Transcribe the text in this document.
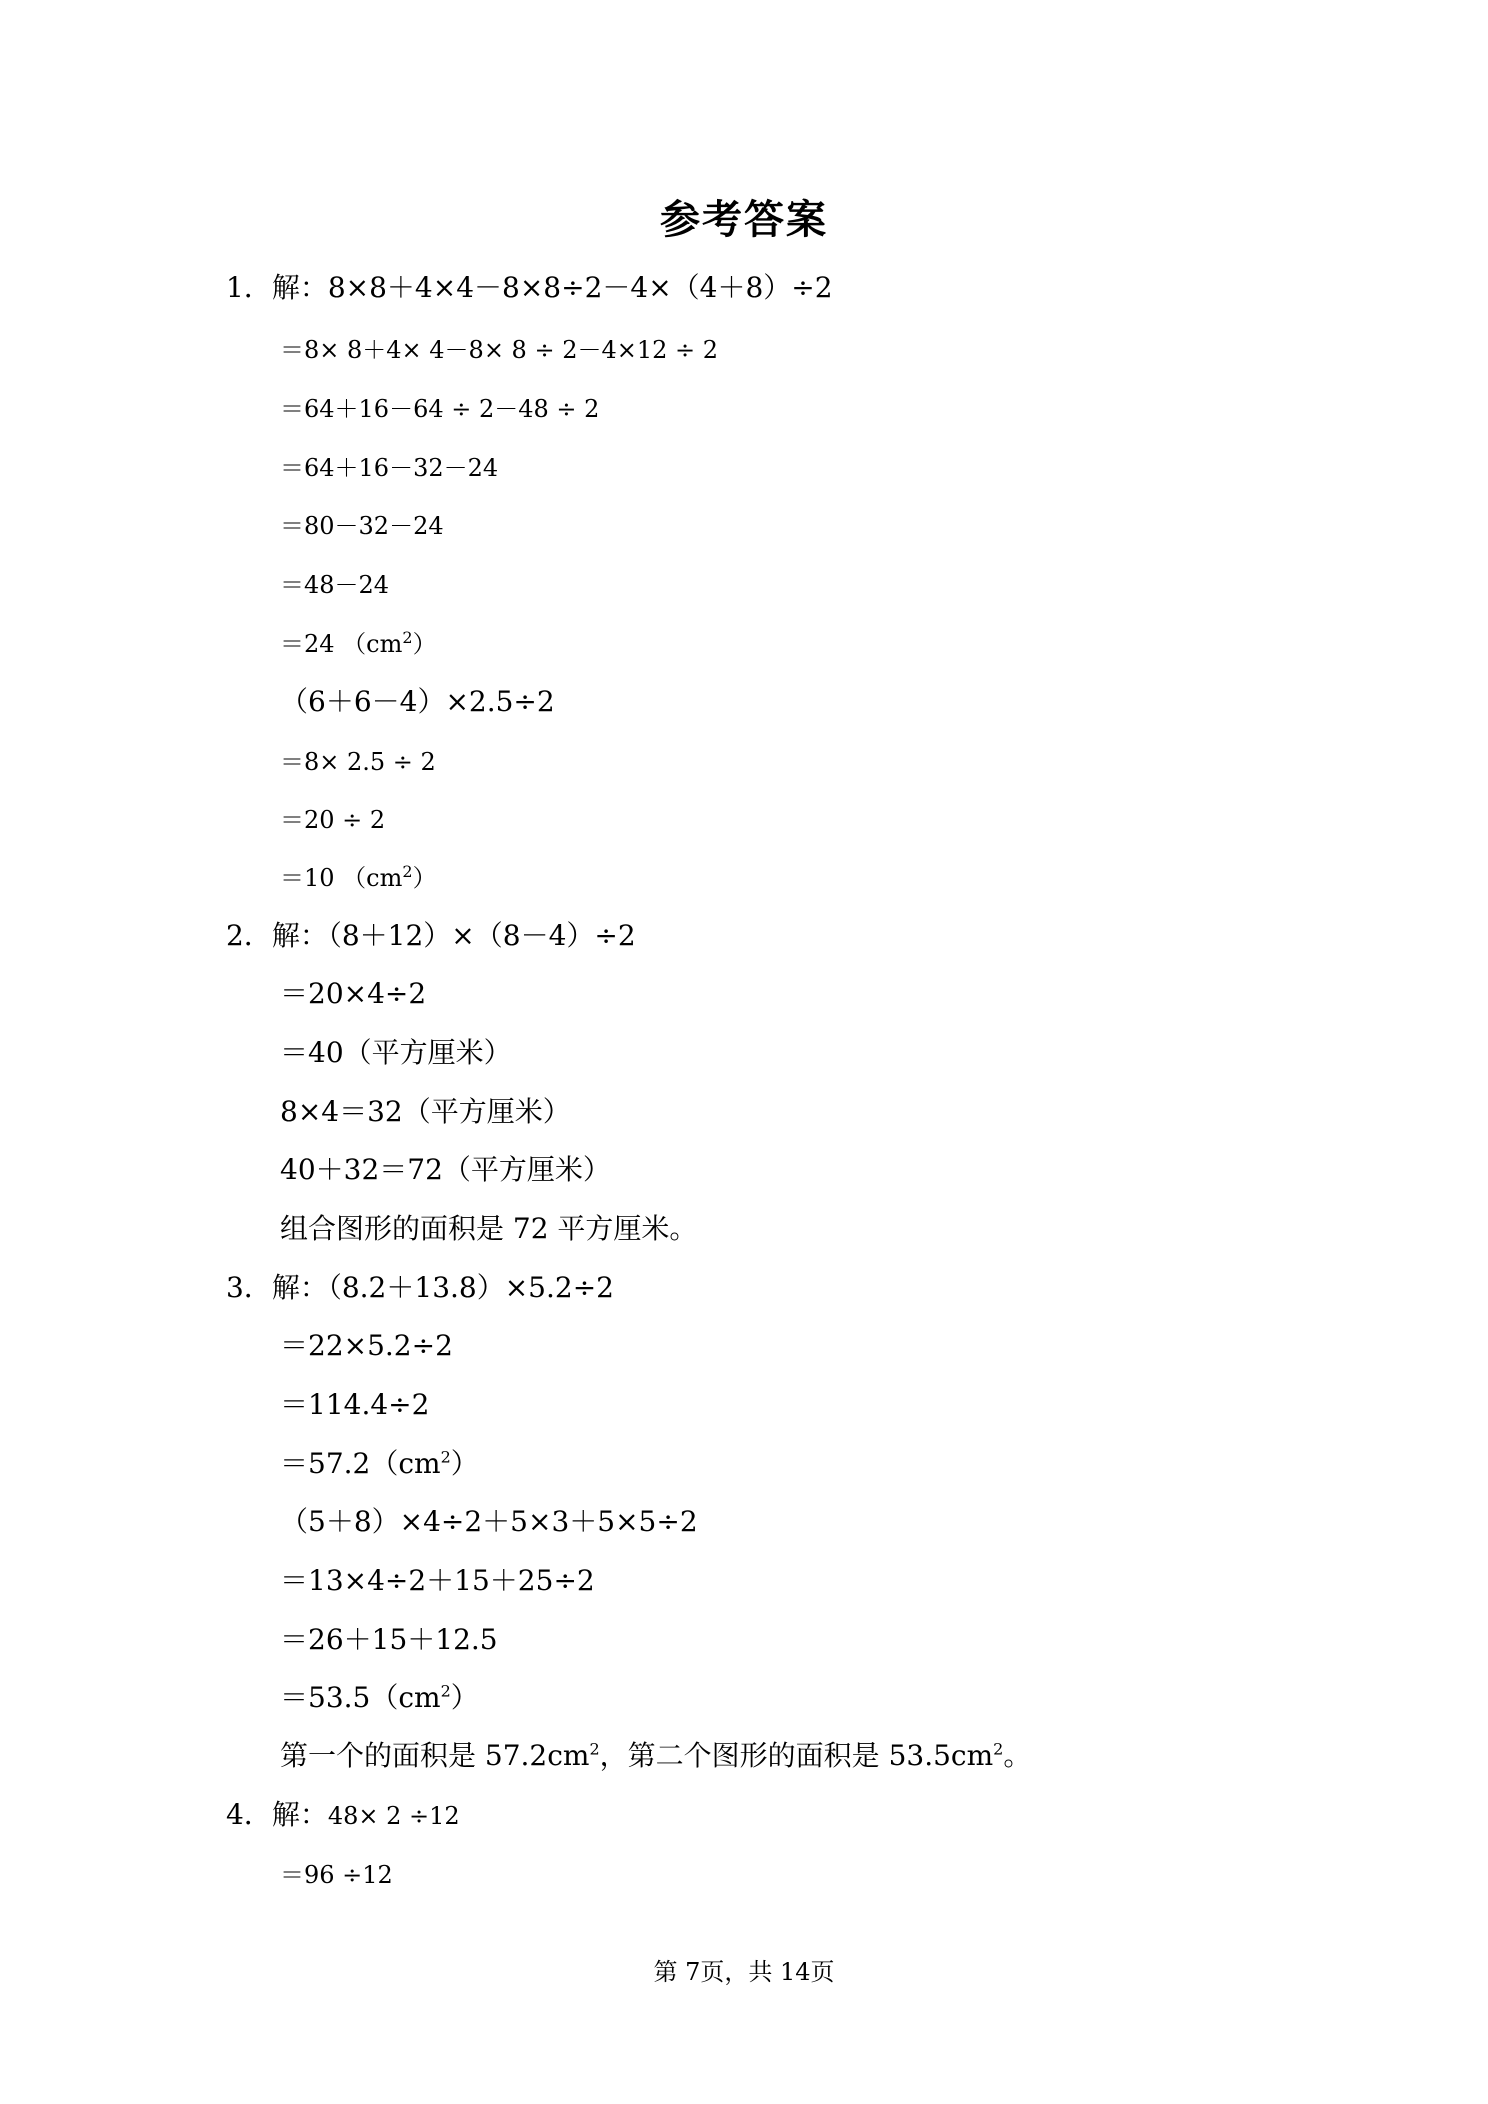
参考答案
1．解：8×8＋4×4－8×8÷2－4×（4＋8）÷2
＝8× 8＋4× 4－8× 8 ÷ 2－4×12 ÷ 2
＝64＋16－64 ÷ 2－48 ÷ 2
＝64＋16－32－24
＝80－32－24
＝48－24
＝24 $(cm^2)$
（6＋6－4）×2.5÷2
＝8× 2.5 ÷ 2
＝20 ÷ 2
＝10 $(cm^2)$
2．解：（8＋12）×（8－4）÷2
＝20×4÷2
＝40（平方厘米）
8×4＝32（平方厘米）
40＋32＝72（平方厘米）
组合图形的面积是 72 平方厘米。
3．解：（8.2＋13.8）×5.2÷2
＝22×5.2÷2
＝114.4÷2
$=57.2(cm^2)$
（5＋8）×4÷2＋5×3＋5×5÷2
＝13×4÷2＋15＋25÷2
＝26＋15＋12.5
$=53.5(cm^2)$
第一个的面积是 $57.2cm^2$，第二个图形的面积是 $53.5cm^2$。
4．解：48× 2 ÷12
＝96 ÷12
第 7页，共 14页
